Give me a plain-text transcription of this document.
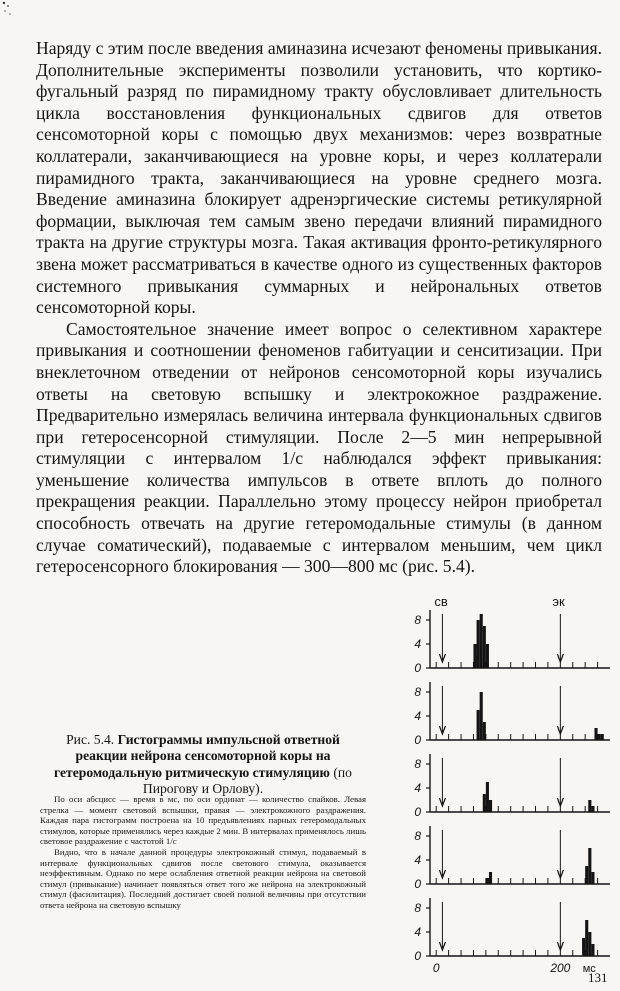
Наряду с этим после введения аминазина исчезают феномены привыкания. Дополнительные эксперименты позволили установить, что кортико-фугальный разряд по пирамидному тракту обусловливает длительность цикла восстановления функциональных сдвигов для ответов сенсомоторной коры с помощью двух механизмов: через возвратные коллатерали, заканчивающиеся на уровне коры, и через коллатерали пирамидного тракта, заканчивающиеся на уровне среднего мозга. Введение аминазина блокирует адренэргические системы ретикулярной формации, выключая тем самым звено передачи влияний пирамидного тракта на другие структуры мозга. Такая активация фронто-ретикулярного звена может рассматриваться в качестве одного из существенных факторов системного привыкания суммарных и нейрональных ответов сенсомоторной коры.

Самостоятельное значение имеет вопрос о селективном характере привыкания и соотношении феноменов габитуации и сенситизации. При внеклеточном отведении от нейронов сенсомоторной коры изучались ответы на световую вспышку и электрокожное раздражение. Предварительно измерялась величина интервала функциональных сдвигов при гетеросенсорной стимуляции. После 2—5 мин непрерывной стимуляции с интервалом 1/с наблюдался эффект привыкания: уменьшение количества импульсов в ответе вплоть до полного прекращения реакции. Параллельно этому процессу нейрон приобретал способность отвечать на другие гетеромодальные стимулы (в данном случае соматический), подаваемые с интервалом меньшим, чем цикл гетеросенсорного блокирования — 300—800 мс (рис. 5.4).

св	эк
0
4
8
0
4
8
0
4
8
0
4
8
0
4
8
0	200 мс
Рис. 5.4. Гистограммы импульсной ответной реакции нейрона сенсомоторной коры на гетеромодальную ритмическую стимуляцию (по Пирогову и Орлову).

По оси абсцисс — время в мс, по оси ординат — количество спайков. Левая стрелка — момент световой вспышки, правая — электрокожного раздражения. Каждая пара гистограмм построена на 10 предъявлениях парных гетеромодальных стимулов, которые применялись через каждые 2 мин. В интервалах применялось лишь световое раздражение с частотой 1/с

Видно, что в начале данной процедуры электрокожный стимул, подаваемый в интервале функциональных сдвигов после светового стимула, оказывается неэффективным. Однако по мере ослабления ответной реакции нейрона на световой стимул (привыкание) начинает появляться ответ того же нейрона на электрокожный стимул (фасилитация). Последний достигает своей полной величины при отсутствии ответа нейрона на световую вспышку

131
